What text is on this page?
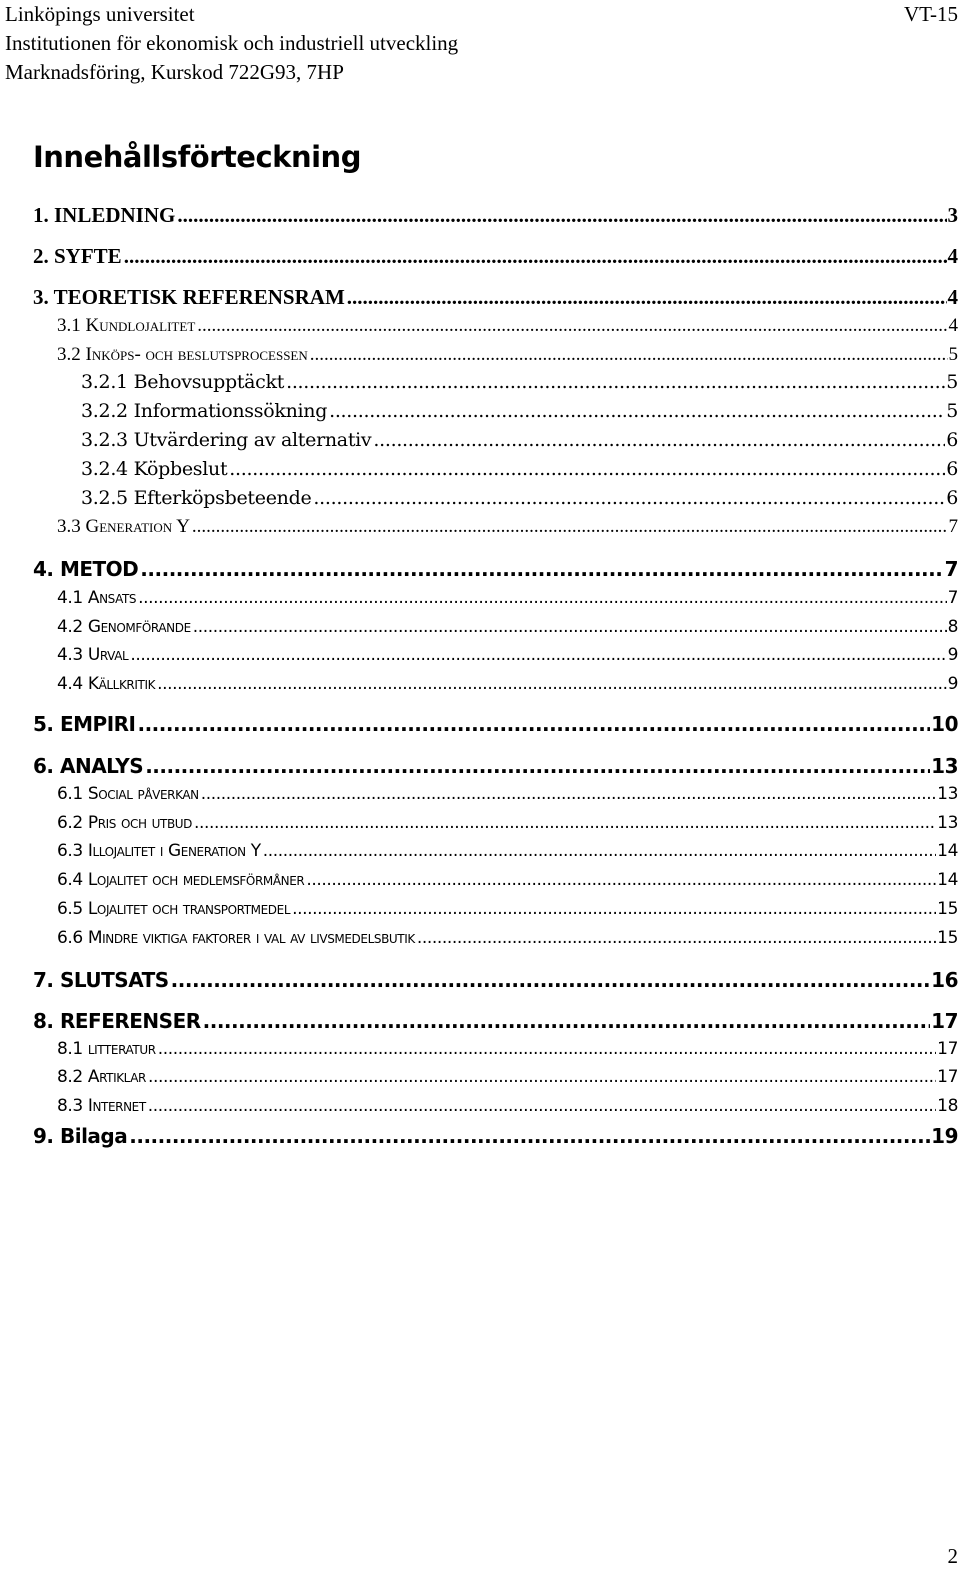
Linköpings universitet
Institutionen för ekonomisk och industriell utveckling
Marknadsföring, Kurskod 722G93, 7HP
VT-15
Innehållsförteckning
1. INLEDNING .....	3
2. SYFTE .....	4
3. TEORETISK REFERENSRAM .....	4
3.1 Kundlojalitet .....	4
3.2 Inköps- och beslutsprocessen .....	5
3.2.1 Behovsupptäckt .....	5
3.2.2 Informationssökning .....	5
3.2.3 Utvärdering av alternativ .....	6
3.2.4 Köpbeslut .....	6
3.2.5 Efterköpsbeteende .....	6
3.3 Generation Y .....	7
4. METOD .....	7
4.1 Ansats .....	7
4.2 Genomförande .....	8
4.3 Urval .....	9
4.4 Källkritik .....	9
5. EMPIRI .....	10
6. ANALYS .....	13
6.1 Social påverkan .....	13
6.2 Pris och utbud .....	13
6.3 Illojalitet i Generation Y .....	14
6.4 Lojalitet och medlemsförmåner .....	14
6.5 Lojalitet och transportmedel .....	15
6.6 Mindre viktiga faktorer i val av livsmedelsbutik .....	15
7. SLUTSATS .....	16
8. REFERENSER .....	17
8.1 litteratur .....	17
8.2 Artiklar .....	17
8.3 Internet .....	18
9. Bilaga .....	19
2
